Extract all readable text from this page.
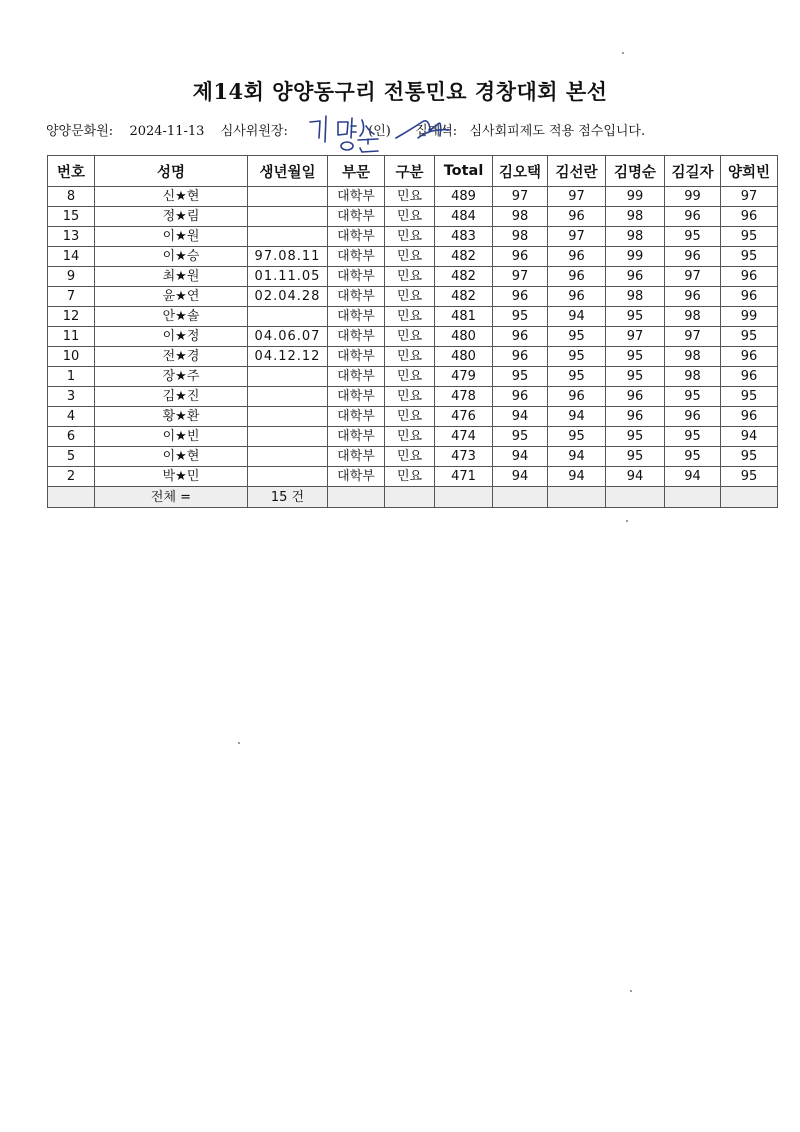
제14회 양양동구리 전통민요 경창대회 본선
양양문화원: 2024-11-13 심사위원장:	(인) 집계석: 심사회피제도 적용 점수입니다.
번호	성명	생년월일	부문	구분	Total	김오택	김선란	김명순	김길자	양희빈
8	신★현		대학부	민요	489	97	97	99	99	97
15	정★림		대학부	민요	484	98	96	98	96	96
13	이★원		대학부	민요	483	98	97	98	95	95
14	이★승	97.08.11	대학부	민요	482	96	96	99	96	95
9	최★원	01.11.05	대학부	민요	482	97	96	96	97	96
7	윤★연	02.04.28	대학부	민요	482	96	96	98	96	96
12	안★솔		대학부	민요	481	95	94	95	98	99
11	이★정	04.06.07	대학부	민요	480	96	95	97	97	95
10	전★경	04.12.12	대학부	민요	480	96	95	95	98	96
1	장★주		대학부	민요	479	95	95	95	98	96
3	김★진		대학부	민요	478	96	96	96	95	95
4	황★환		대학부	민요	476	94	94	96	96	96
6	이★빈		대학부	민요	474	95	95	95	95	94
5	이★현		대학부	민요	473	94	94	95	95	95
2	박★민		대학부	민요	471	94	94	94	94	95
	전체 =	15 건								
